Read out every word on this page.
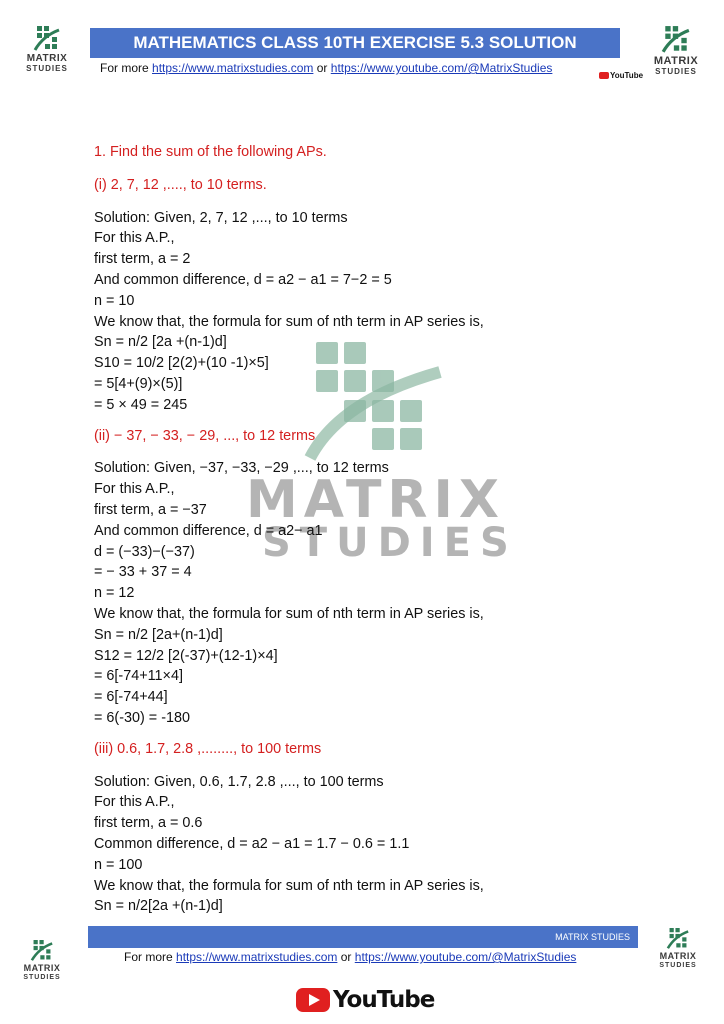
MATRIX
STUDIES
MATRIX
STUDIES
MATHEMATICS CLASS 10TH EXERCISE 5.3 SOLUTION
For more https://www.matrixstudies.com or https://www.youtube.com/@MatrixStudies
YouTube
MATRIX
STUDIES
1. Find the sum of the following APs.
(i) 2, 7, 12 ,...., to 10 terms.
Solution: Given, 2, 7, 12 ,..., to 10 terms
For this A.P.,
first term, a = 2
And common difference, d = a2 − a1 = 7−2 = 5
n = 10
We know that, the formula for sum of nth term in AP series is,
Sn = n/2 [2a +(n-1)d]
S10 = 10/2 [2(2)+(10 -1)×5]
= 5[4+(9)×(5)]
= 5 × 49 = 245
(ii) − 37, − 33, − 29, ..., to 12 terms
Solution: Given, −37, −33, −29 ,..., to 12 terms
For this A.P.,
first term, a = −37
And common difference, d = a2− a1
d = (−33)−(−37)
= − 33 + 37 = 4
n = 12
We know that, the formula for sum of nth term in AP series is,
Sn = n/2 [2a+(n-1)d]
S12 = 12/2 [2(-37)+(12-1)×4]
= 6[-74+11×4]
= 6[-74+44]
= 6(-30) = -180
(iii) 0.6, 1.7, 2.8 ,........, to 100 terms
Solution: Given, 0.6, 1.7, 2.8 ,..., to 100 terms
For this A.P.,
first term, a = 0.6
Common difference, d = a2 − a1 = 1.7 − 0.6 = 1.1
n = 100
We know that, the formula for sum of nth term in AP series is,
Sn = n/2[2a +(n-1)d]
MATRIX STUDIES
For more https://www.matrixstudies.com or https://www.youtube.com/@MatrixStudies
MATRIX
STUDIES
MATRIX
STUDIES
YouTube
